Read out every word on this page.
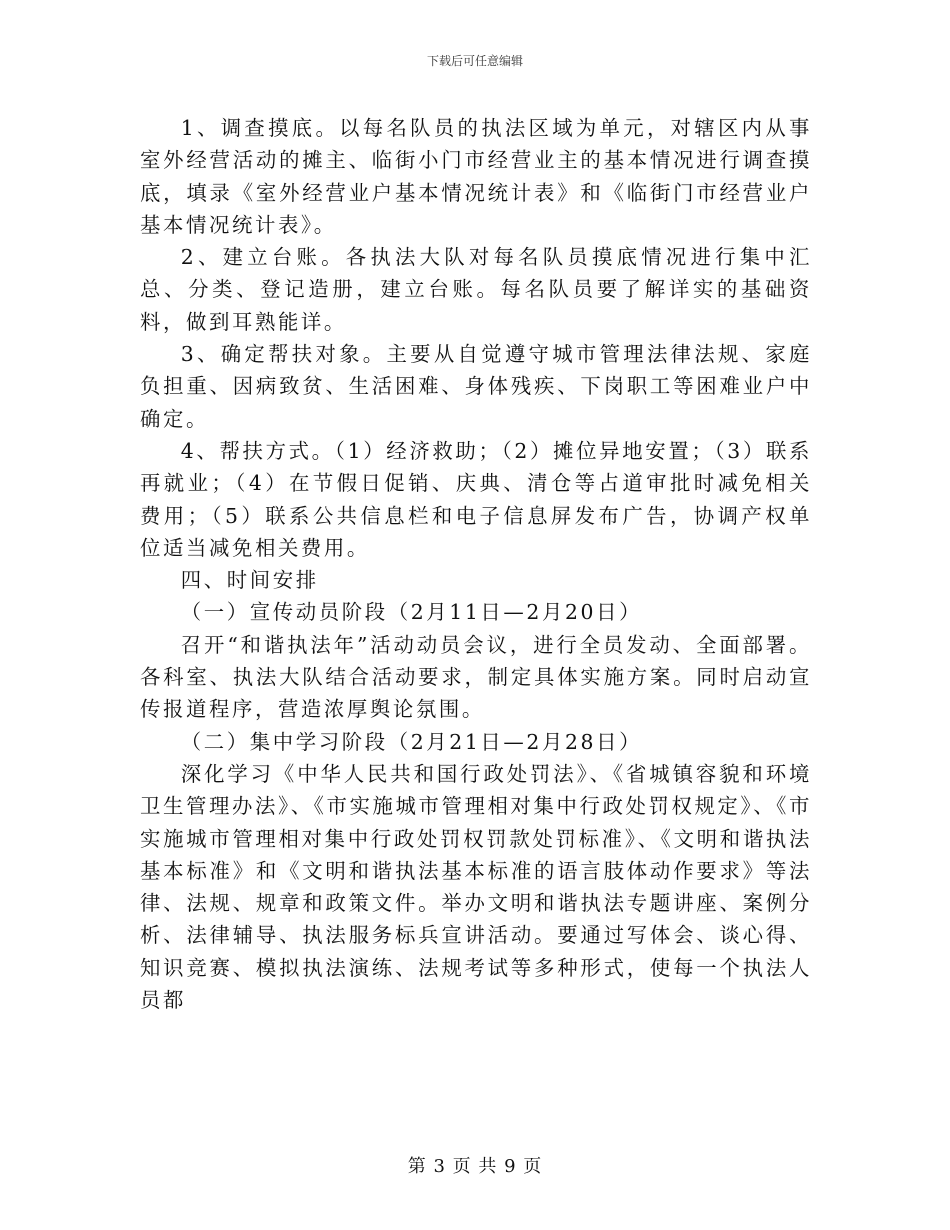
下载后可任意编辑

1、调查摸底。以每名队员的执法区域为单元，对辖区内从事室外经营活动的摊主、临街小门市经营业主的基本情况进行调查摸底，填录《室外经营业户基本情况统计表》和《临街门市经营业户基本情况统计表》。

2、建立台账。各执法大队对每名队员摸底情况进行集中汇总、分类、登记造册，建立台账。每名队员要了解详实的基础资料，做到耳熟能详。

3、确定帮扶对象。主要从自觉遵守城市管理法律法规、家庭负担重、因病致贫、生活困难、身体残疾、下岗职工等困难业户中确定。

4、帮扶方式。（1）经济救助；（2）摊位异地安置；（3）联系再就业；（4）在节假日促销、庆典、清仓等占道审批时减免相关费用；（5）联系公共信息栏和电子信息屏发布广告，协调产权单位适当减免相关费用。

四、时间安排

（一）宣传动员阶段（2月11日—2月20日）

召开“和谐执法年”活动动员会议，进行全员发动、全面部署。各科室、执法大队结合活动要求，制定具体实施方案。同时启动宣传报道程序，营造浓厚舆论氛围。

（二）集中学习阶段（2月21日—2月28日）

深化学习《中华人民共和国行政处罚法》、《省城镇容貌和环境卫生管理办法》、《市实施城市管理相对集中行政处罚权规定》、《市实施城市管理相对集中行政处罚权罚款处罚标准》、《文明和谐执法基本标准》和《文明和谐执法基本标准的语言肢体动作要求》等法律、法规、规章和政策文件。举办文明和谐执法专题讲座、案例分析、法律辅导、执法服务标兵宣讲活动。要通过写体会、谈心得、知识竞赛、模拟执法演练、法规考试等多种形式，使每一个执法人员都

第 3 页 共 9 页
